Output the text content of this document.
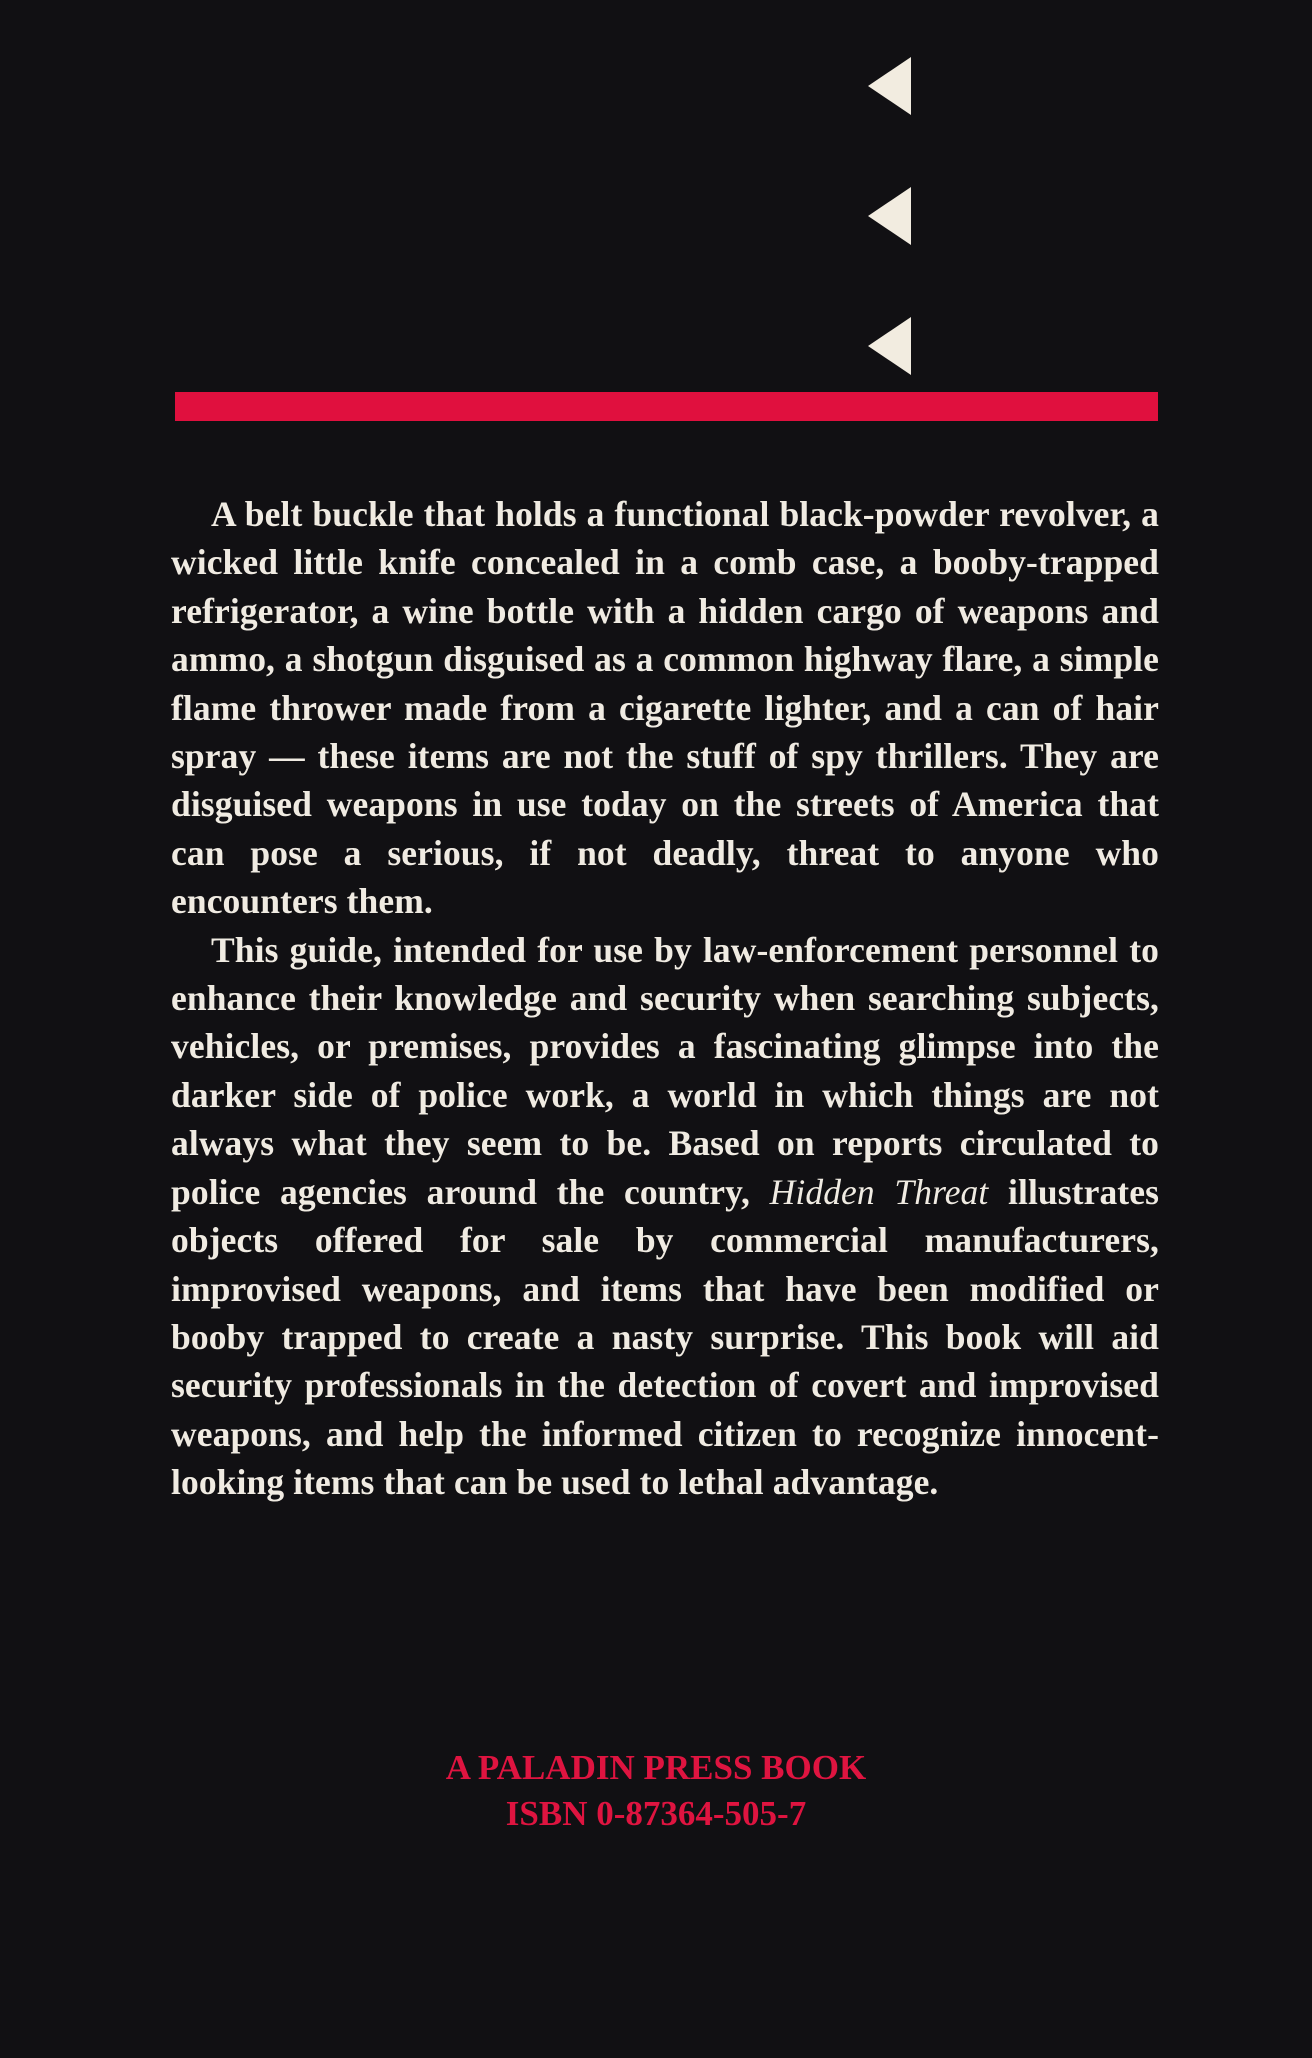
A belt buckle that holds a functional black-powder revolver, a wicked little knife concealed in a comb case, a booby-trapped refrigerator, a wine bottle with a hidden cargo of weapons and ammo, a shotgun disguised as a common highway flare, a simple flame thrower made from a cigarette lighter, and a can of hair spray — these items are not the stuff of spy thrillers. They are disguised weapons in use today on the streets of America that can pose a serious, if not deadly, threat to anyone who encounters them.

This guide, intended for use by law-enforcement personnel to enhance their knowledge and security when searching subjects, vehicles, or premises, provides a fascinating glimpse into the darker side of police work, a world in which things are not always what they seem to be. Based on reports circulated to police agencies around the country, Hidden Threat illustrates objects offered for sale by commercial manufacturers, improvised weapons, and items that have been modified or booby trapped to create a nasty surprise. This book will aid security professionals in the detection of covert and improvised weapons, and help the informed citizen to recognize innocent-looking items that can be used to lethal advantage.

A PALADIN PRESS BOOK
ISBN 0-87364-505-7
